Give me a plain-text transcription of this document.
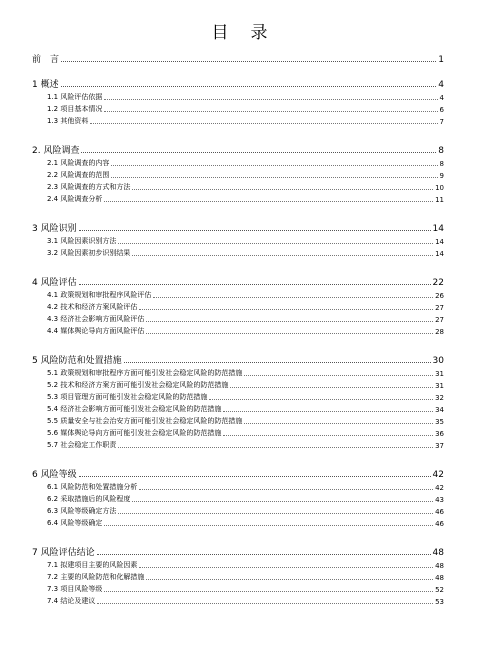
目录
前　言	1
1 概述	4
1.1 风险评估依据	4
1.2 项目基本情况	6
1.3 其他资料	7
2. 风险调查	8
2.1 风险调查的内容	8
2.2 风险调查的范围	9
2.3 风险调查的方式和方法	10
2.4 风险调查分析	11
3 风险识别	14
3.1 风险因素识别方法	14
3.2 风险因素初步识别结果	14
4 风险评估	22
4.1 政策规划和审批程序风险评估	26
4.2 技术和经济方案风险评估	27
4.3 经济社会影响方面风险评估	27
4.4 媒体舆论导向方面风险评估	28
5 风险防范和处置措施	30
5.1 政策规划和审批程序方面可能引发社会稳定风险的防范措施	31
5.2 技术和经济方案方面可能引发社会稳定风险的防范措施	31
5.3 项目管理方面可能引发社会稳定风险的防范措施	32
5.4 经济社会影响方面可能引发社会稳定风险的防范措施	34
5.5 质量安全与社会治安方面可能引发社会稳定风险的防范措施	35
5.6 媒体舆论导向方面可能引发社会稳定风险的防范措施	36
5.7 社会稳定工作职责	37
6 风险等级	42
6.1 风险防范和处置措施分析	42
6.2 采取措施后的风险程度	43
6.3 风险等级确定方法	46
6.4 风险等级确定	46
7 风险评估结论	48
7.1 拟建项目主要的风险因素	48
7.2 主要的风险防范和化解措施	48
7.3 项目风险等级	52
7.4 结论及建议	53
